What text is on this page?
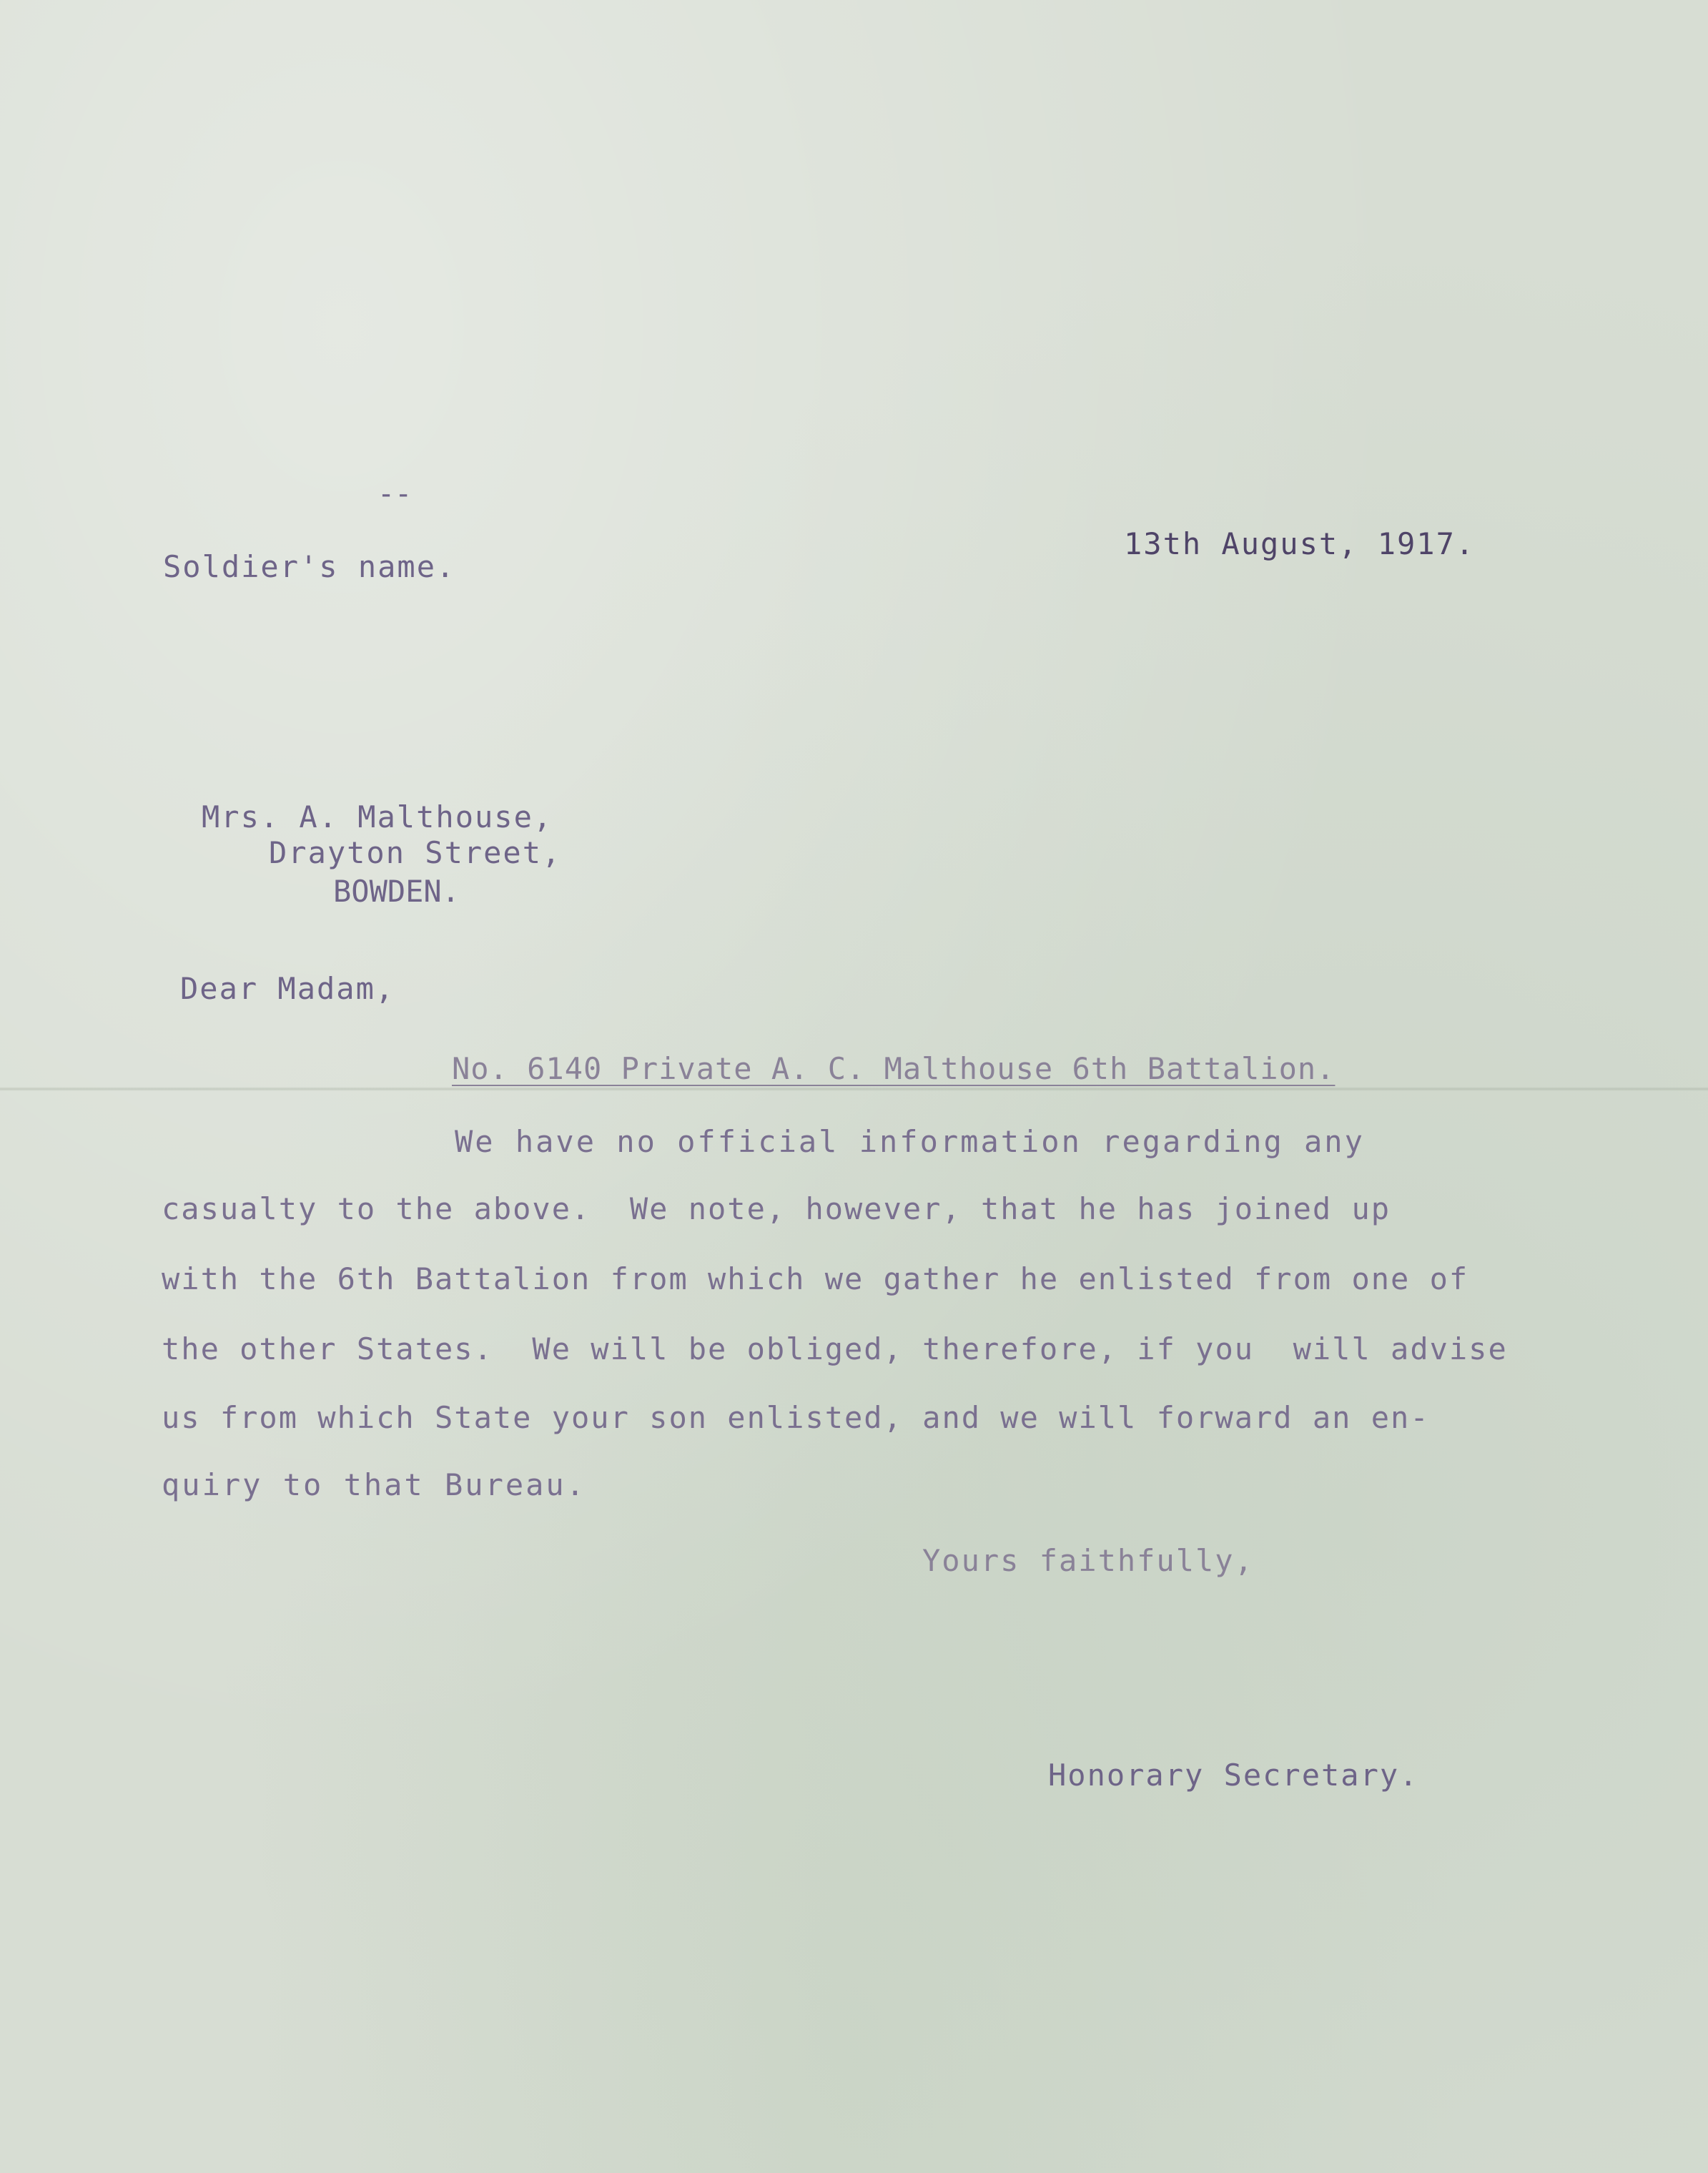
--
Soldier's name.
13th August, 1917.
Mrs. A. Malthouse,
Drayton Street,
BOWDEN.
Dear Madam,
No. 6140 Private A. C. Malthouse 6th Battalion.
We have no official information regarding any
casualty to the above.  We note, however, that he has joined up
with the 6th Battalion from which we gather he enlisted from one of
the other States.  We will be obliged, therefore, if you  will advise
us from which State your son enlisted, and we will forward an en-
quiry to that Bureau.
Yours faithfully,
Honorary Secretary.
